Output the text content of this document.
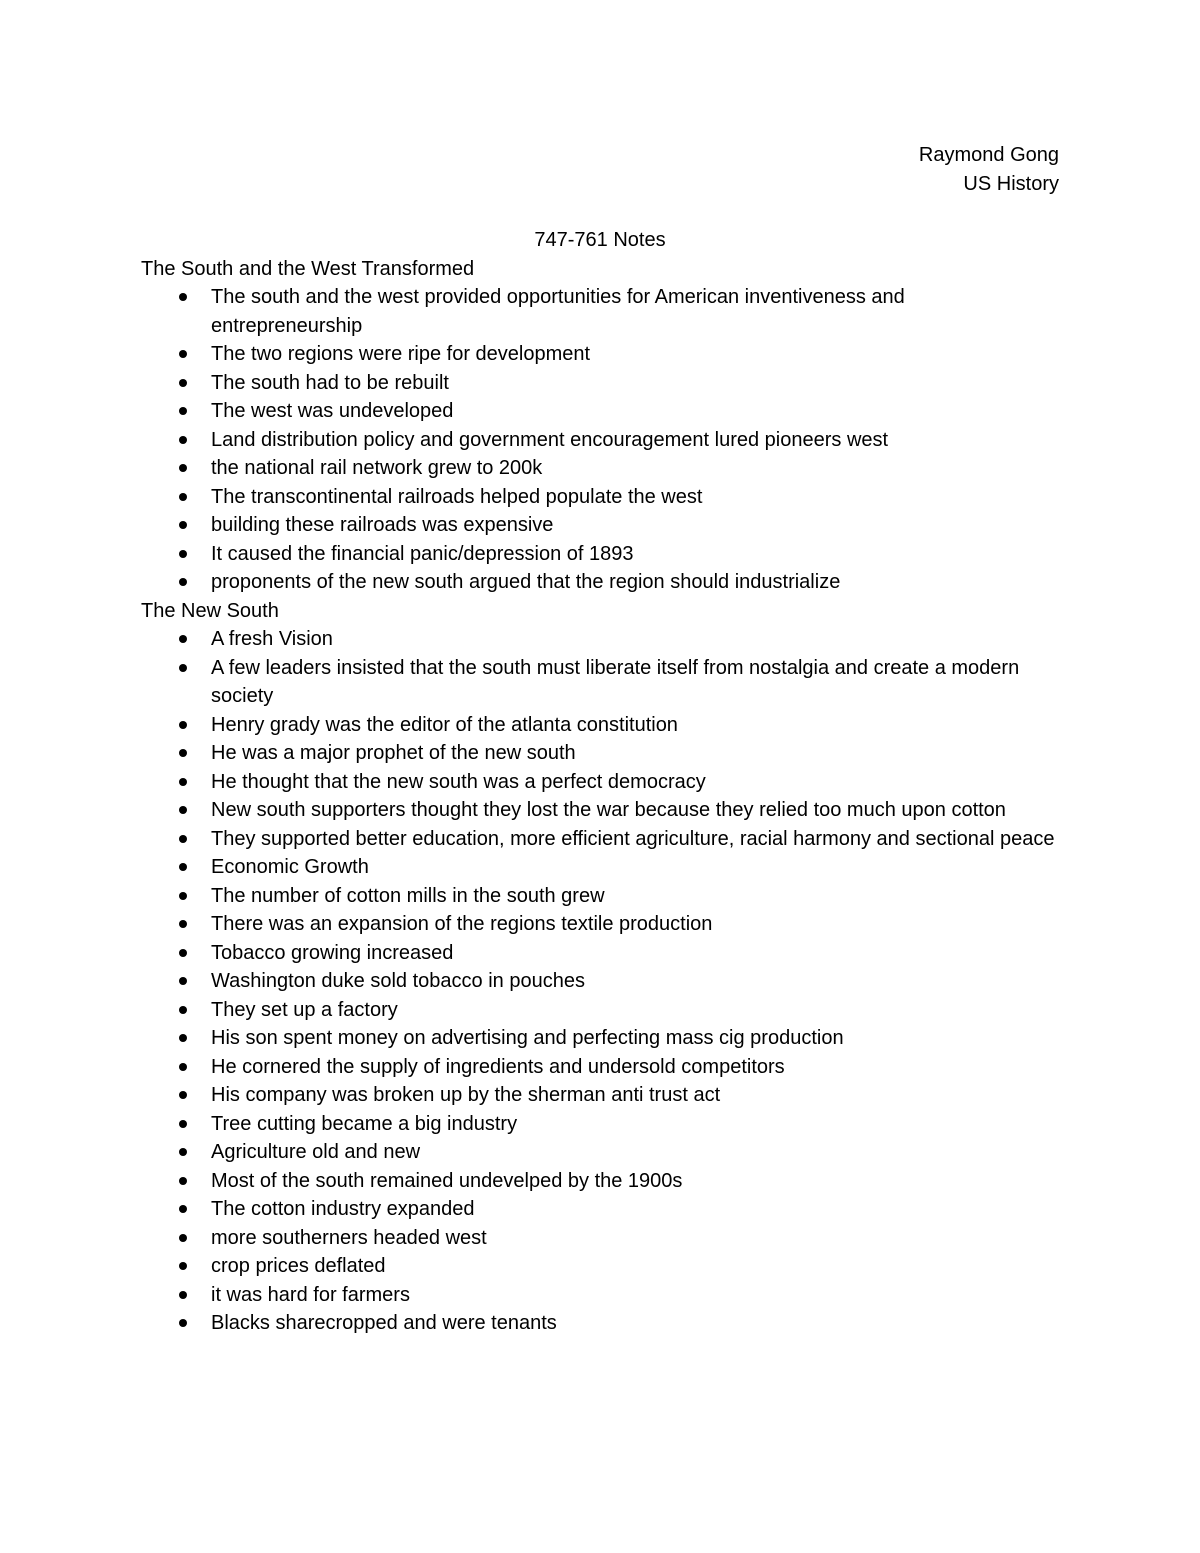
Raymond Gong
US History
747-761 Notes
The South and the West Transformed
The south and the west provided opportunities for American inventiveness and entrepreneurship
The two regions were ripe for development
The south had to be rebuilt
The west was undeveloped
Land distribution policy and government encouragement lured pioneers west
the national rail network grew to 200k
The transcontinental railroads helped populate the west
building these railroads was expensive
It caused the financial panic/depression of 1893
proponents of the new south argued that the region should industrialize
The New South
A fresh Vision
A few leaders insisted that the south must liberate itself from nostalgia and create a modern society
Henry grady was the editor of the atlanta constitution
He was a major prophet of the new south
He thought that the new south was a perfect democracy
New south supporters thought they lost the war because they relied too much upon cotton
They supported better education, more efficient agriculture, racial harmony and sectional peace
Economic Growth
The number of cotton mills in the south grew
There was an expansion of the regions textile production
Tobacco growing increased
Washington duke sold tobacco in pouches
They set up a factory
His son spent money on advertising and perfecting mass cig production
He cornered the supply of ingredients and undersold competitors
His company was broken up by the sherman anti trust act
Tree cutting became a big industry
Agriculture old and new
Most of the south remained undevelped by the 1900s
The cotton industry expanded
more southerners headed west
crop prices deflated
it was hard for farmers
Blacks sharecropped and were tenants
